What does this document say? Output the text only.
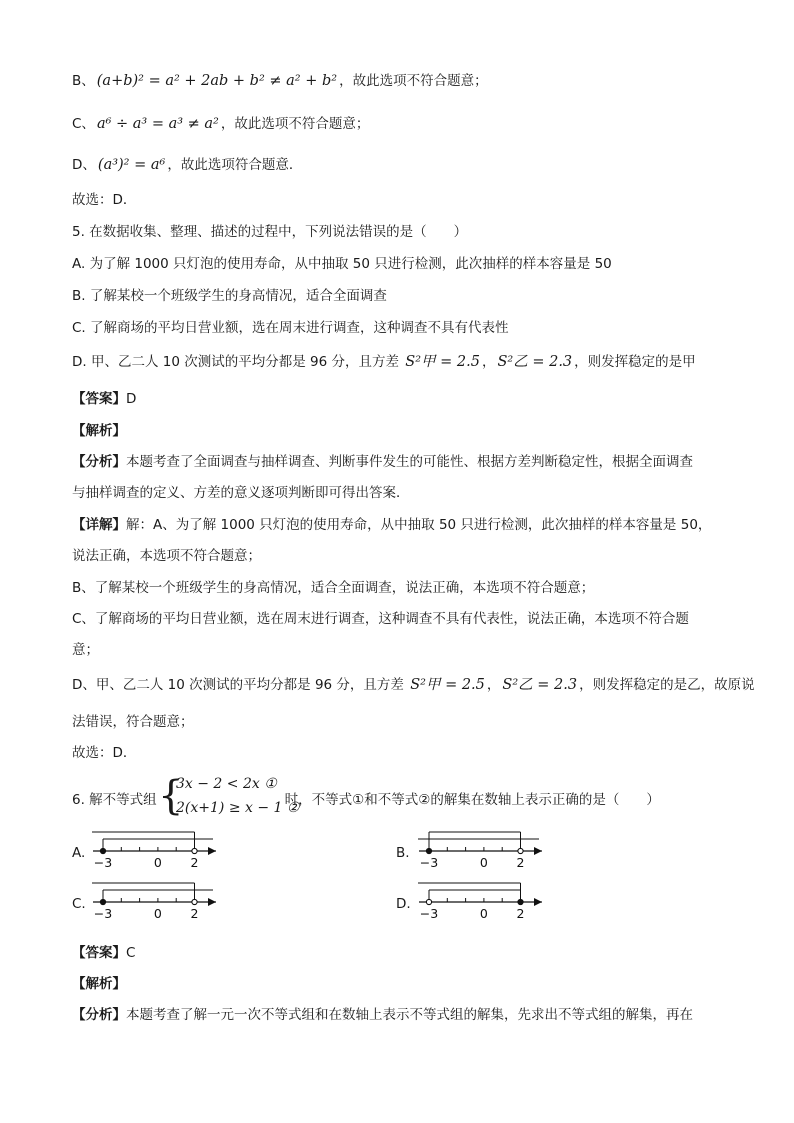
B、 (a+b)² = a² + 2ab + b² ≠ a² + b² ，故此选项不符合题意；
C、 a⁶ ÷ a³ = a³ ≠ a² ，故此选项不符合题意；
D、 (a³)² = a⁶ ，故此选项符合题意．
故选：D．
5. 在数据收集、整理、描述的过程中，下列说法错误的是（　　）
A. 为了解 1000 只灯泡的使用寿命，从中抽取 50 只进行检测，此次抽样的样本容量是 50
B. 了解某校一个班级学生的身高情况，适合全面调查
C. 了解商场的平均日营业额，选在周末进行调查，这种调查不具有代表性
D. 甲、乙二人 10 次测试的平均分都是 96 分，且方差 S²甲 = 2.5 ， S²乙 = 2.3 ，则发挥稳定的是甲
【答案】D
【解析】
【分析】本题考查了全面调查与抽样调查、判断事件发生的可能性、根据方差判断稳定性，根据全面调查
与抽样调查的定义、方差的意义逐项判断即可得出答案．
【详解】解：A、为了解 1000 只灯泡的使用寿命，从中抽取 50 只进行检测，此次抽样的样本容量是 50，
说法正确，本选项不符合题意；
B、了解某校一个班级学生的身高情况，适合全面调查，说法正确，本选项不符合题意；
C、了解商场的平均日营业额，选在周末进行调查，这种调查不具有代表性，说法正确，本选项不符合题
意；
D、甲、乙二人 10 次测试的平均分都是 96 分，且方差 S²甲 = 2.5 ， S²乙 = 2.3 ，则发挥稳定的是乙，故原说
法错误，符合题意；
故选：D．
6. 解不等式组	时，不等式①和不等式②的解集在数轴上表示正确的是（　　）
{
3x − 2 < 2x ①
2(x+1) ≥ x − 1 ②
A.
−3	0 2
B.
−3	0 2
C.
−3	0 2
D.
−3	0 2
【答案】C
【解析】
【分析】本题考查了解一元一次不等式组和在数轴上表示不等式组的解集，先求出不等式组的解集，再在
